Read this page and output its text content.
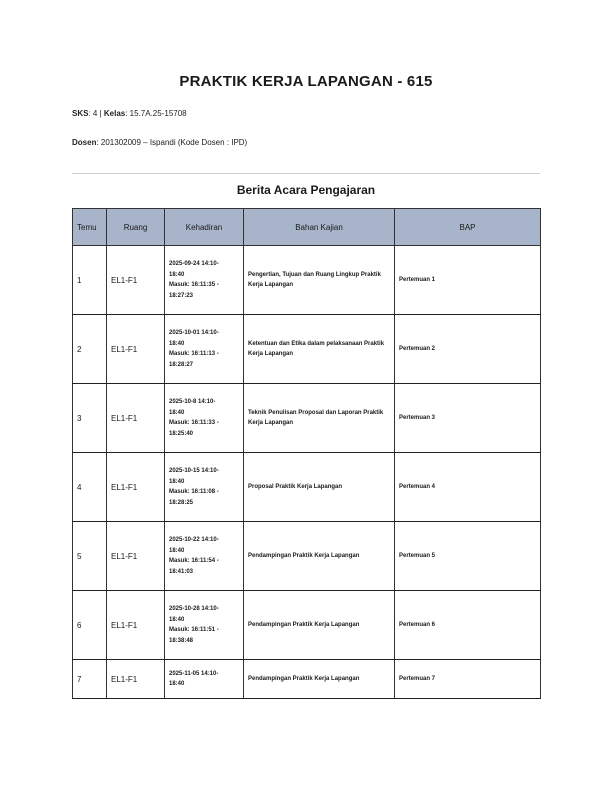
PRAKTIK KERJA LAPANGAN - 615
SKS: 4 | Kelas: 15.7A.25-15708
Dosen: 201302009 – Ispandi (Kode Dosen : IPD)
Berita Acara Pengajaran
Temu	Ruang	Kehadiran	Bahan Kajian	BAP
1	EL1-F1	2025-09-24 14:10-
18:40
Masuk: 16:11:35 -
18:27:23	Pengertian, Tujuan dan Ruang Lingkup Praktik Kerja Lapangan	Pertemuan 1
2	EL1-F1	2025-10-01 14:10-
18:40
Masuk: 16:11:13 -
18:28:27	Ketentuan dan Etika dalam pelaksanaan Praktik Kerja Lapangan	Pertemuan 2
3	EL1-F1	2025-10-8 14:10-
18:40
Masuk: 16:11:33 -
18:25:40	Teknik Penulisan Proposal dan Laporan Praktik Kerja Lapangan	Pertemuan 3
4	EL1-F1	2025-10-15 14:10-
18:40
Masuk: 16:11:08 -
18:28:25	Proposal Praktik Kerja Lapangan	Pertemuan 4
5	EL1-F1	2025-10-22 14:10-
18:40
Masuk: 16:11:54 -
18:41:03	Pendampingan Praktik Kerja Lapangan	Pertemuan 5
6	EL1-F1	2025-10-28 14:10-
18:40
Masuk: 16:11:51 -
18:38:48	Pendampingan Praktik Kerja Lapangan	Pertemuan 6
7	EL1-F1	2025-11-05 14:10-
18:40	Pendampingan Praktik Kerja Lapangan	Pertemuan 7
